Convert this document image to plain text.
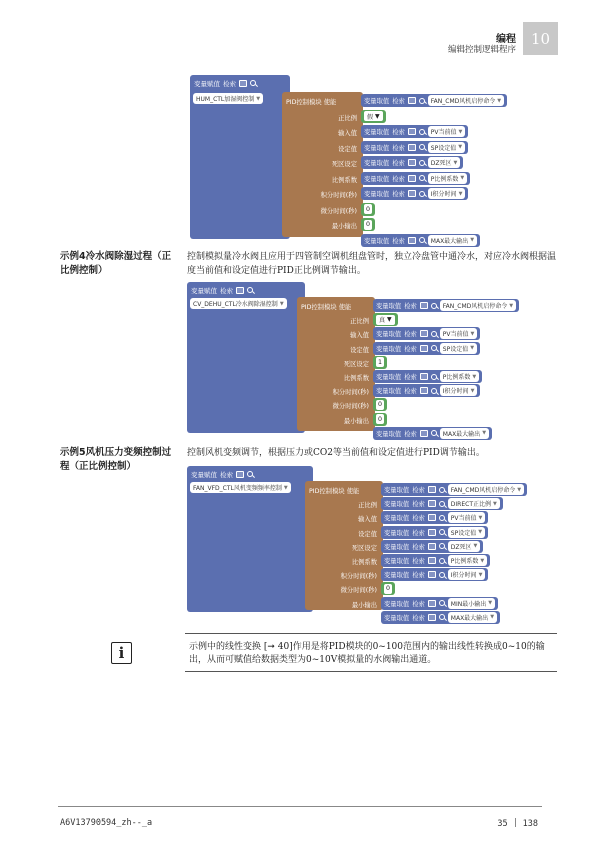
编程
编辑控制逻辑程序
10
示例4冷水阀除湿过程（正比例控制）
控制模拟量冷水阀且应用于四管制空调机组盘管时，独立冷盘管中通冷水，对应冷水阀根据温度当前值和设定值进行PID正比例调节输出。
示例5风机压力变频控制过程（正比例控制）
控制风机变频调节，根据压力或CO2等当前值和设定值进行PID调节输出。
变量赋值 检索
HUM_CTL加湿阀控制 ▼
PID控制模块 使能	变量取值 检索	FAN_CMD风机启停命令 ▼
正比例 假 ▼
输入值 变量取值 检索	PV当前值 ▼
设定值 变量取值 检索	SP设定值 ▼
死区设定 变量取值 检索	DZ死区 ▼
比例系数 变量取值 检索	P比例系数 ▼
积分时间(秒) 变量取值 检索	I积分时间 ▼
微分时间(秒)	0
最小输出	0
最大输出 变量取值 检索	MAX最大输出 ▼
变量赋值 检索
CV_DEHU_CTL冷水阀除湿控制 ▼
PID控制模块 使能	变量取值 检索	FAN_CMD风机启停命令 ▼
正比例 真 ▼
输入值 变量取值 检索	PV当前值 ▼
设定值 变量取值 检索	SP设定值 ▼
死区设定	1
比例系数 变量取值 检索	P比例系数 ▼
积分时间(秒) 变量取值 检索	I积分时间 ▼
微分时间(秒)	0
最小输出	0
最大输出 变量取值 检索	MAX最大输出 ▼
变量赋值 检索
FAN_VFD_CTL风机变频频率控制 ▼
PID控制模块 使能	变量取值 检索	FAN_CMD风机启停命令 ▼
正比例 变量取值 检索	DIRECT正比例 ▼
输入值 变量取值 检索	PV当前值 ▼
设定值 变量取值 检索	SP设定值 ▼
死区设定 变量取值 检索	DZ死区 ▼
比例系数 变量取值 检索	P比例系数 ▼
积分时间(秒) 变量取值 检索	I积分时间 ▼
微分时间(秒)	0
最小输出 变量取值 检索	MIN最小输出 ▼
最大输出 变量取值 检索	MAX最大输出 ▼
i	示例中的线性变换 [➞ 40]作用是将PID模块的0~100范围内的输出线性转换成0~10的输出，从而可赋值给数据类型为0~10V模拟量的水阀输出通道。
A6V13790594_zh--_a	35 138
